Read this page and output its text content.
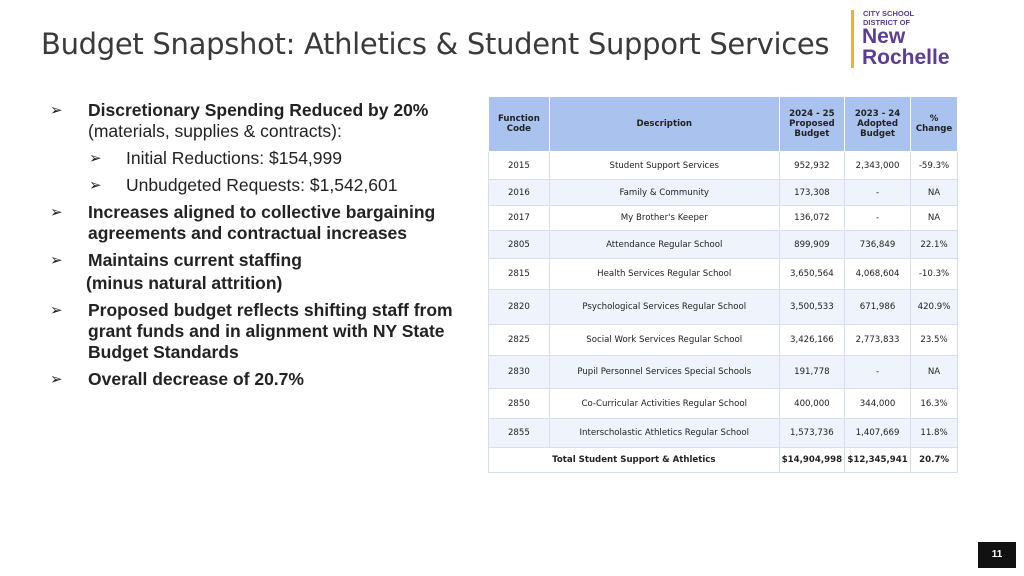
Budget Snapshot: Athletics & Student Support Services
CITY SCHOOL
DISTRICT OF
New
Rochelle
➢ Discretionary Spending Reduced by 20% (materials, supplies & contracts):
➢ Initial Reductions: $154,999
➢ Unbudgeted Requests: $1,542,601
➢ Increases aligned to collective bargaining agreements and contractual increases
➢ Maintains current staffing
(minus natural attrition)
➢ Proposed budget reflects shifting staff from grant funds and in alignment with NY State Budget Standards
➢ Overall decrease of 20.7%
Function Code	Description	2024 - 25 Proposed Budget	2023 - 24 Adopted Budget	% Change
2015	Student Support Services	952,932	2,343,000	-59.3%
2016	Family & Community	173,308	-	NA
2017	My Brother's Keeper	136,072	-	NA
2805	Attendance Regular School	899,909	736,849	22.1%
2815	Health Services Regular School	3,650,564	4,068,604	-10.3%
2820	Psychological Services Regular School	3,500,533	671,986	420.9%
2825	Social Work Services Regular School	3,426,166	2,773,833	23.5%
2830	Pupil Personnel Services Special Schools	191,778	-	NA
2850	Co-Curricular Activities Regular School	400,000	344,000	16.3%
2855	Interscholastic Athletics Regular School	1,573,736	1,407,669	11.8%
Total Student Support & Athletics		$14,904,998	$12,345,941	20.7%
11
